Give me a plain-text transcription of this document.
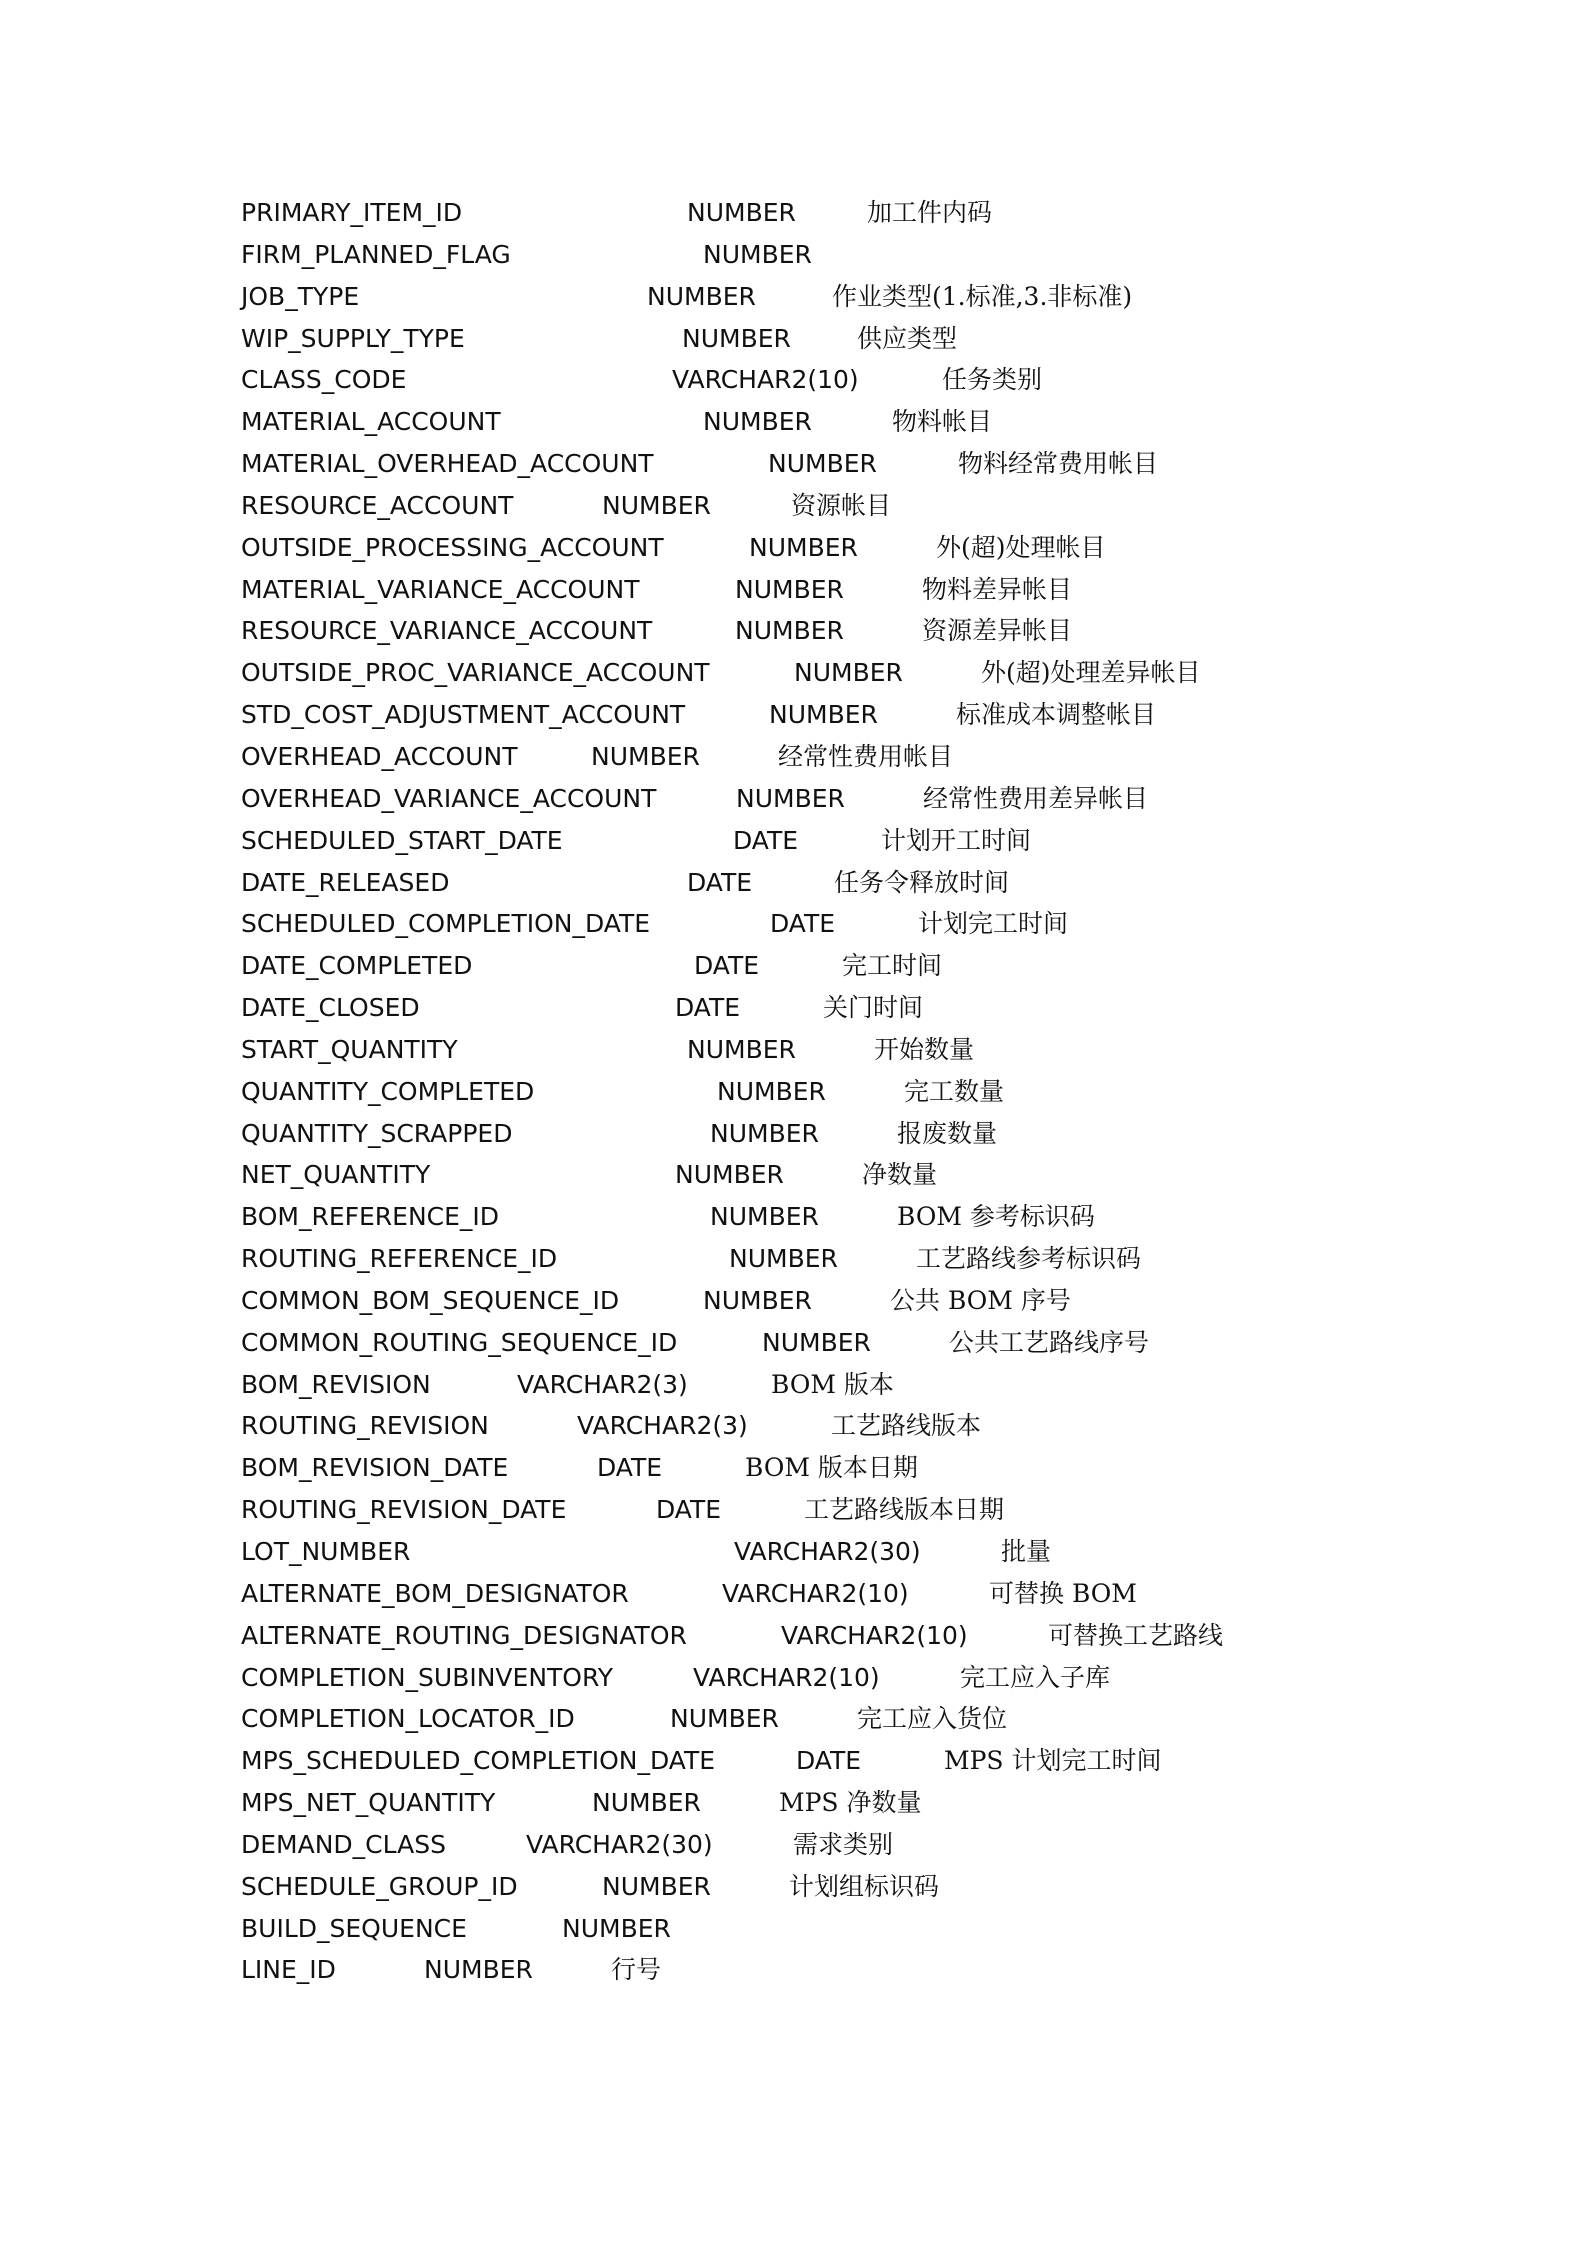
PRIMARY_ITEM_ID	NUMBER	加工件内码
FIRM_PLANNED_FLAG	NUMBER
JOB_TYPE	NUMBER	作业类型(1.标准,3.非标准)
WIP_SUPPLY_TYPE	NUMBER	供应类型
CLASS_CODE	VARCHAR2(10)	任务类别
MATERIAL_ACCOUNT	NUMBER	物料帐目
MATERIAL_OVERHEAD_ACCOUNT	NUMBER	物料经常费用帐目
RESOURCE_ACCOUNT	NUMBER	资源帐目
OUTSIDE_PROCESSING_ACCOUNT	NUMBER	外(超)处理帐目
MATERIAL_VARIANCE_ACCOUNT	NUMBER	物料差异帐目
RESOURCE_VARIANCE_ACCOUNT	NUMBER	资源差异帐目
OUTSIDE_PROC_VARIANCE_ACCOUNT	NUMBER	外(超)处理差异帐目
STD_COST_ADJUSTMENT_ACCOUNT	NUMBER	标准成本调整帐目
OVERHEAD_ACCOUNT	NUMBER	经常性费用帐目
OVERHEAD_VARIANCE_ACCOUNT	NUMBER	经常性费用差异帐目
SCHEDULED_START_DATE	DATE	计划开工时间
DATE_RELEASED	DATE	任务令释放时间
SCHEDULED_COMPLETION_DATE	DATE	计划完工时间
DATE_COMPLETED	DATE	完工时间
DATE_CLOSED	DATE	关门时间
START_QUANTITY	NUMBER	开始数量
QUANTITY_COMPLETED	NUMBER	完工数量
QUANTITY_SCRAPPED	NUMBER	报废数量
NET_QUANTITY	NUMBER	净数量
BOM_REFERENCE_ID	NUMBER	BOM 参考标识码
ROUTING_REFERENCE_ID	NUMBER	工艺路线参考标识码
COMMON_BOM_SEQUENCE_ID	NUMBER	公共 BOM 序号
COMMON_ROUTING_SEQUENCE_ID	NUMBER	公共工艺路线序号
BOM_REVISION	VARCHAR2(3)	BOM 版本
ROUTING_REVISION	VARCHAR2(3)	工艺路线版本
BOM_REVISION_DATE	DATE	BOM 版本日期
ROUTING_REVISION_DATE	DATE	工艺路线版本日期
LOT_NUMBER	VARCHAR2(30)	批量
ALTERNATE_BOM_DESIGNATOR	VARCHAR2(10)	可替换 BOM
ALTERNATE_ROUTING_DESIGNATOR	VARCHAR2(10)	可替换工艺路线
COMPLETION_SUBINVENTORY	VARCHAR2(10)	完工应入子库
COMPLETION_LOCATOR_ID	NUMBER	完工应入货位
MPS_SCHEDULED_COMPLETION_DATE	DATE	MPS 计划完工时间
MPS_NET_QUANTITY	NUMBER	MPS 净数量
DEMAND_CLASS	VARCHAR2(30)	需求类别
SCHEDULE_GROUP_ID	NUMBER	计划组标识码
BUILD_SEQUENCE	NUMBER
LINE_ID	NUMBER	行号
